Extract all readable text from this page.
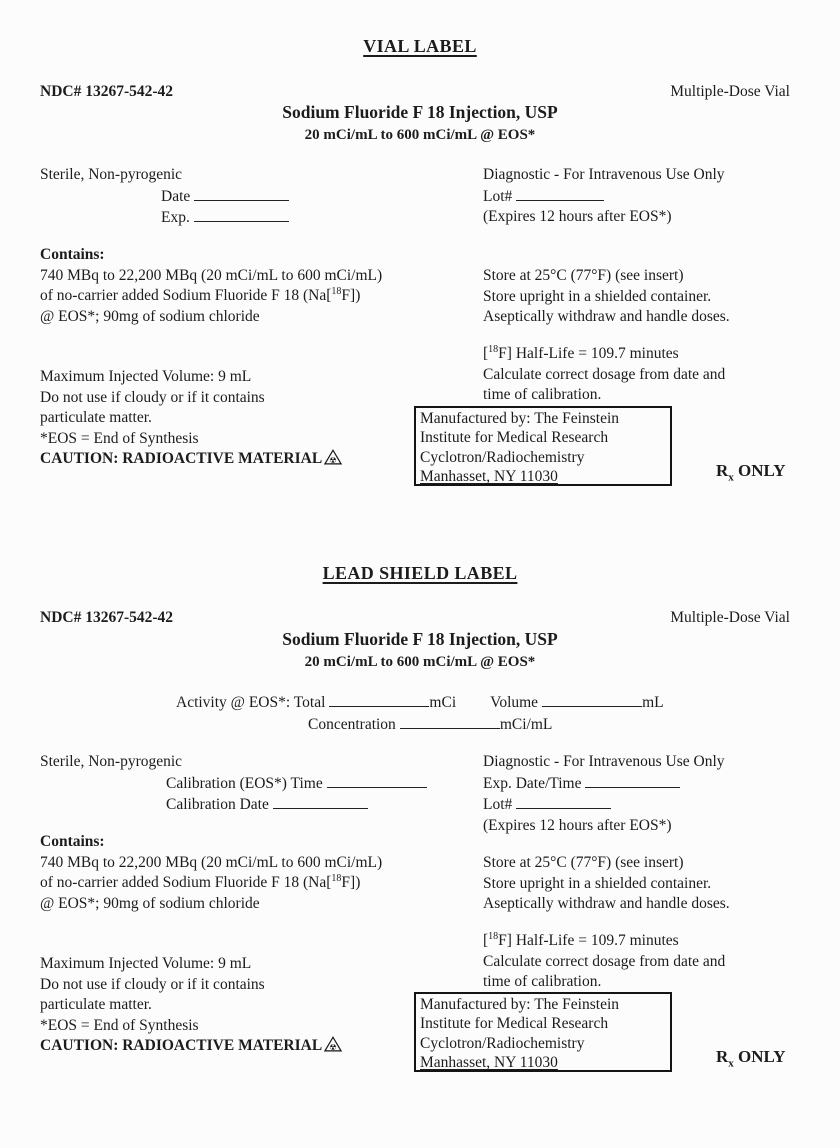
VIAL LABEL
NDC# 13267-542-42	Multiple-Dose Vial
Sodium Fluoride F 18 Injection, USP
20 mCi/mL to 600 mCi/mL @ EOS*
Sterile, Non-pyrogenic
Date
Exp.
Diagnostic - For Intravenous Use Only
Lot#
(Expires 12 hours after EOS*)
Contains:
740 MBq to 22,200 MBq (20 mCi/mL to 600 mCi/mL)
of no-carrier added Sodium Fluoride F 18 (Na[$^{18}$F])
@ EOS*; 90mg of sodium chloride
Store at 25°C (77°F) (see insert)
Store upright in a shielded container.
Aseptically withdraw and handle doses.
[$^{18}$F] Half-Life = 109.7 minutes
Calculate correct dosage from date and
time of calibration.
Maximum Injected Volume: 9 mL
Do not use if cloudy or if it contains
particulate matter.
*EOS = End of Synthesis
CAUTION: RADIOACTIVE MATERIAL ☢
Manufactured by: The Feinstein
Institute for Medical Research
Cyclotron/Radiochemistry
Manhasset, NY 11030	$R_x$ ONLY
LEAD SHIELD LABEL
NDC# 13267-542-42	Multiple-Dose Vial
Sodium Fluoride F 18 Injection, USP
20 mCi/mL to 600 mCi/mL @ EOS*
Activity @ EOS*: Total	mCi Volume	mL
Concentration	mCi/mL
Sterile, Non-pyrogenic
Calibration (EOS*) Time
Calibration Date
Diagnostic - For Intravenous Use Only
Exp. Date/Time
Lot#
(Expires 12 hours after EOS*)
Contains:
740 MBq to 22,200 MBq (20 mCi/mL to 600 mCi/mL)
of no-carrier added Sodium Fluoride F 18 (Na[$^{18}$F])
@ EOS*; 90mg of sodium chloride
Store at 25°C (77°F) (see insert)
Store upright in a shielded container.
Aseptically withdraw and handle doses.
[$^{18}$F] Half-Life = 109.7 minutes
Calculate correct dosage from date and
time of calibration.
Maximum Injected Volume: 9 mL
Do not use if cloudy or if it contains
particulate matter.
*EOS = End of Synthesis
CAUTION: RADIOACTIVE MATERIAL ☢
Manufactured by: The Feinstein
Institute for Medical Research
Cyclotron/Radiochemistry
Manhasset, NY 11030	$R_x$ ONLY
